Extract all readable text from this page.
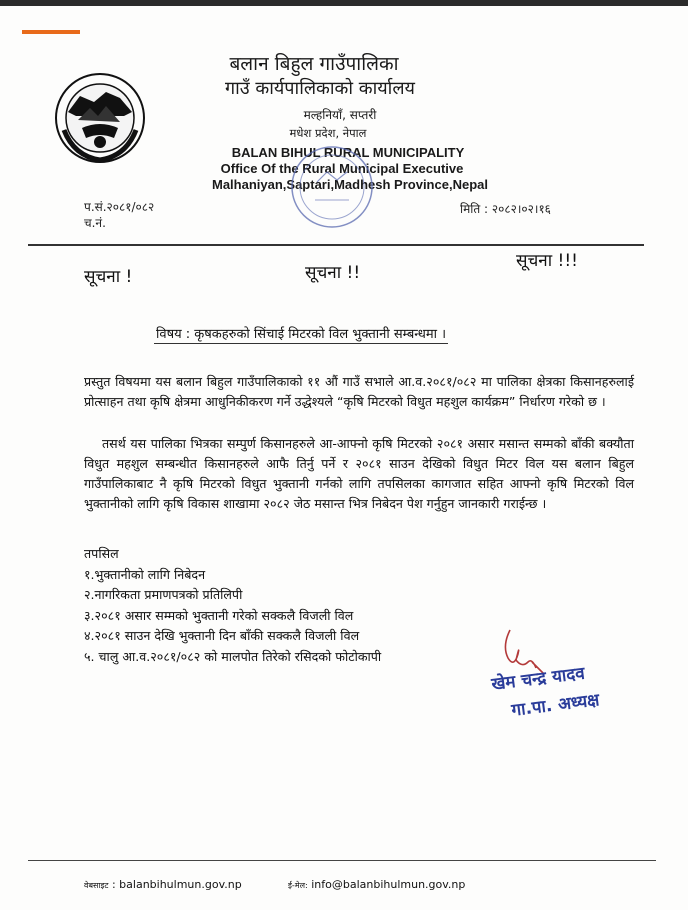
बलान बिहुल गाउँपालिका
गाउँ कार्यपालिकाको कार्यालय
मल्हनियाँ, सप्तरी
मधेश प्रदेश, नेपाल
BALAN BIHUL RURAL MUNICIPALITY
Office Of the Rural Municipal Executive
Malhaniyan,Saptari,Madhesh Province,Nepal
प.सं.२०८१/०८२
च.नं.
मिति : २०८२।०२।१६
सूचना !	सूचना !!
सूचना !!!
विषय : कृषकहरुको सिंचाई मिटरको विल भुक्तानी सम्बन्धमा ।
प्रस्तुत विषयमा यस बलान बिहुल गाउँपालिकाको ११ औं गाउँ सभाले आ.व.२०८१/०८२ मा पालिका क्षेत्रका किसानहरुलाई प्रोत्साहन तथा कृषि क्षेत्रमा आधुनिकीकरण गर्ने उद्धेश्यले “कृषि मिटरको विधुत महशुल कार्यक्रम” निर्धारण गरेको छ ।
तसर्थ यस पालिका भित्रका सम्पुर्ण किसानहरुले आ-आफ्नो कृषि मिटरको २०८१ असार मसान्त सम्मको बाँकी बक्यौता विधुत महशुल सम्बन्धीत किसानहरुले आफै तिर्नु पर्ने र २०८१ साउन देखिको विधुत मिटर विल यस बलान बिहुल गाउँपालिकाबाट नै कृषि मिटरको विधुत भुक्तानी गर्नको लागि तपसिलका कागजात सहित आफ्नो कृषि मिटरको विल भुक्तानीको लागि कृषि विकास शाखामा २०८२ जेठ मसान्त भित्र निबेदन पेश गर्नुहुन जानकारी गराईन्छ ।
तपसिल
१.भुक्तानीको लागि निबेदन
२.नागरिकता प्रमाणपत्रको प्रतिलिपी
३.२०८१ असार सम्मको भुक्तानी गरेको सक्कलै विजली विल
४.२०८१ साउन देखि भुक्तानी दिन बाँकी सक्कलै विजली विल
५. चालु आ.व.२०८१/०८२ को मालपोत तिरेको रसिदको फोटोकापी
खेम चन्द्र यादव
गा.पा. अध्यक्ष
वेबसाइट : balanbihulmun.gov.np	ई-मेल: info@balanbihulmun.gov.np
